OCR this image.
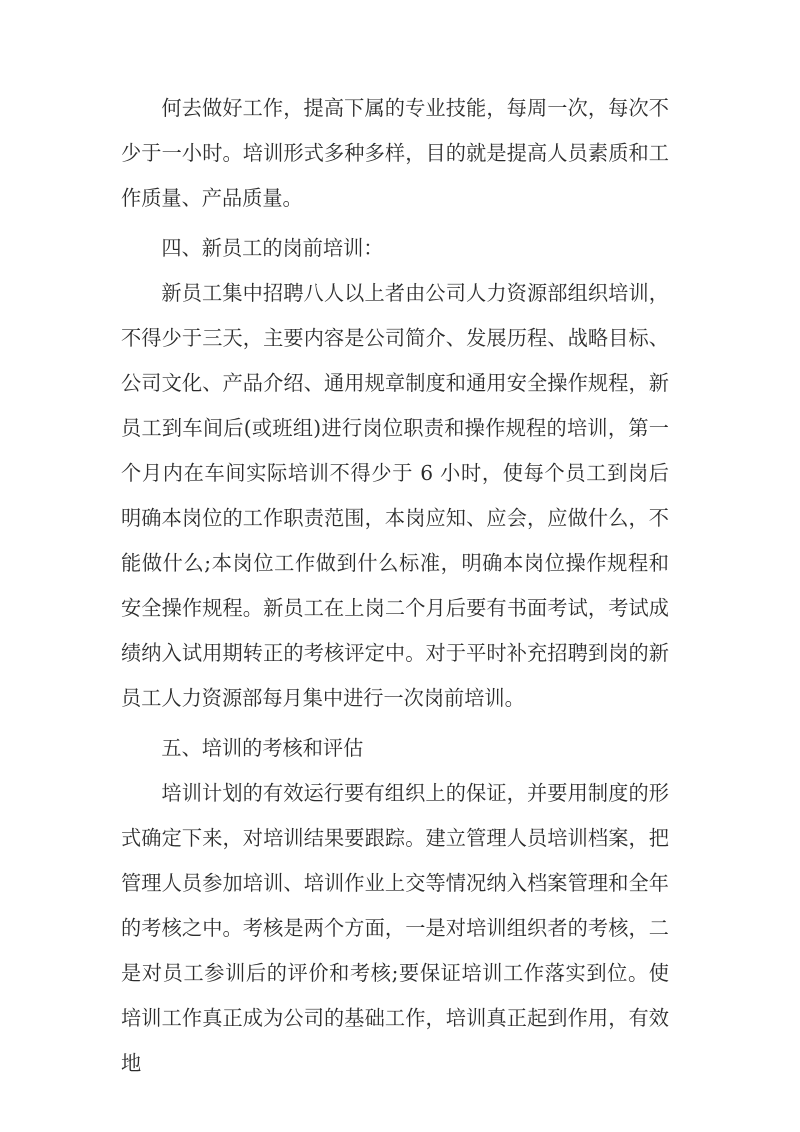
何去做好工作，提高下属的专业技能，每周一次，每次不少于一小时。培训形式多种多样，目的就是提高人员素质和工作质量、产品质量。

四、新员工的岗前培训：

新员工集中招聘八人以上者由公司人力资源部组织培训，不得少于三天，主要内容是公司简介、发展历程、战略目标、公司文化、产品介绍、通用规章制度和通用安全操作规程，新员工到车间后(或班组)进行岗位职责和操作规程的培训，第一个月内在车间实际培训不得少于 6 小时，使每个员工到岗后明确本岗位的工作职责范围，本岗应知、应会，应做什么，不能做什么;本岗位工作做到什么标准，明确本岗位操作规程和安全操作规程。新员工在上岗二个月后要有书面考试，考试成绩纳入试用期转正的考核评定中。对于平时补充招聘到岗的新员工人力资源部每月集中进行一次岗前培训。

五、培训的考核和评估

培训计划的有效运行要有组织上的保证，并要用制度的形式确定下来，对培训结果要跟踪。建立管理人员培训档案，把管理人员参加培训、培训作业上交等情况纳入档案管理和全年的考核之中。考核是两个方面，一是对培训组织者的考核，二是对员工参训后的评价和考核;要保证培训工作落实到位。使培训工作真正成为公司的基础工作，培训真正起到作用，有效地
